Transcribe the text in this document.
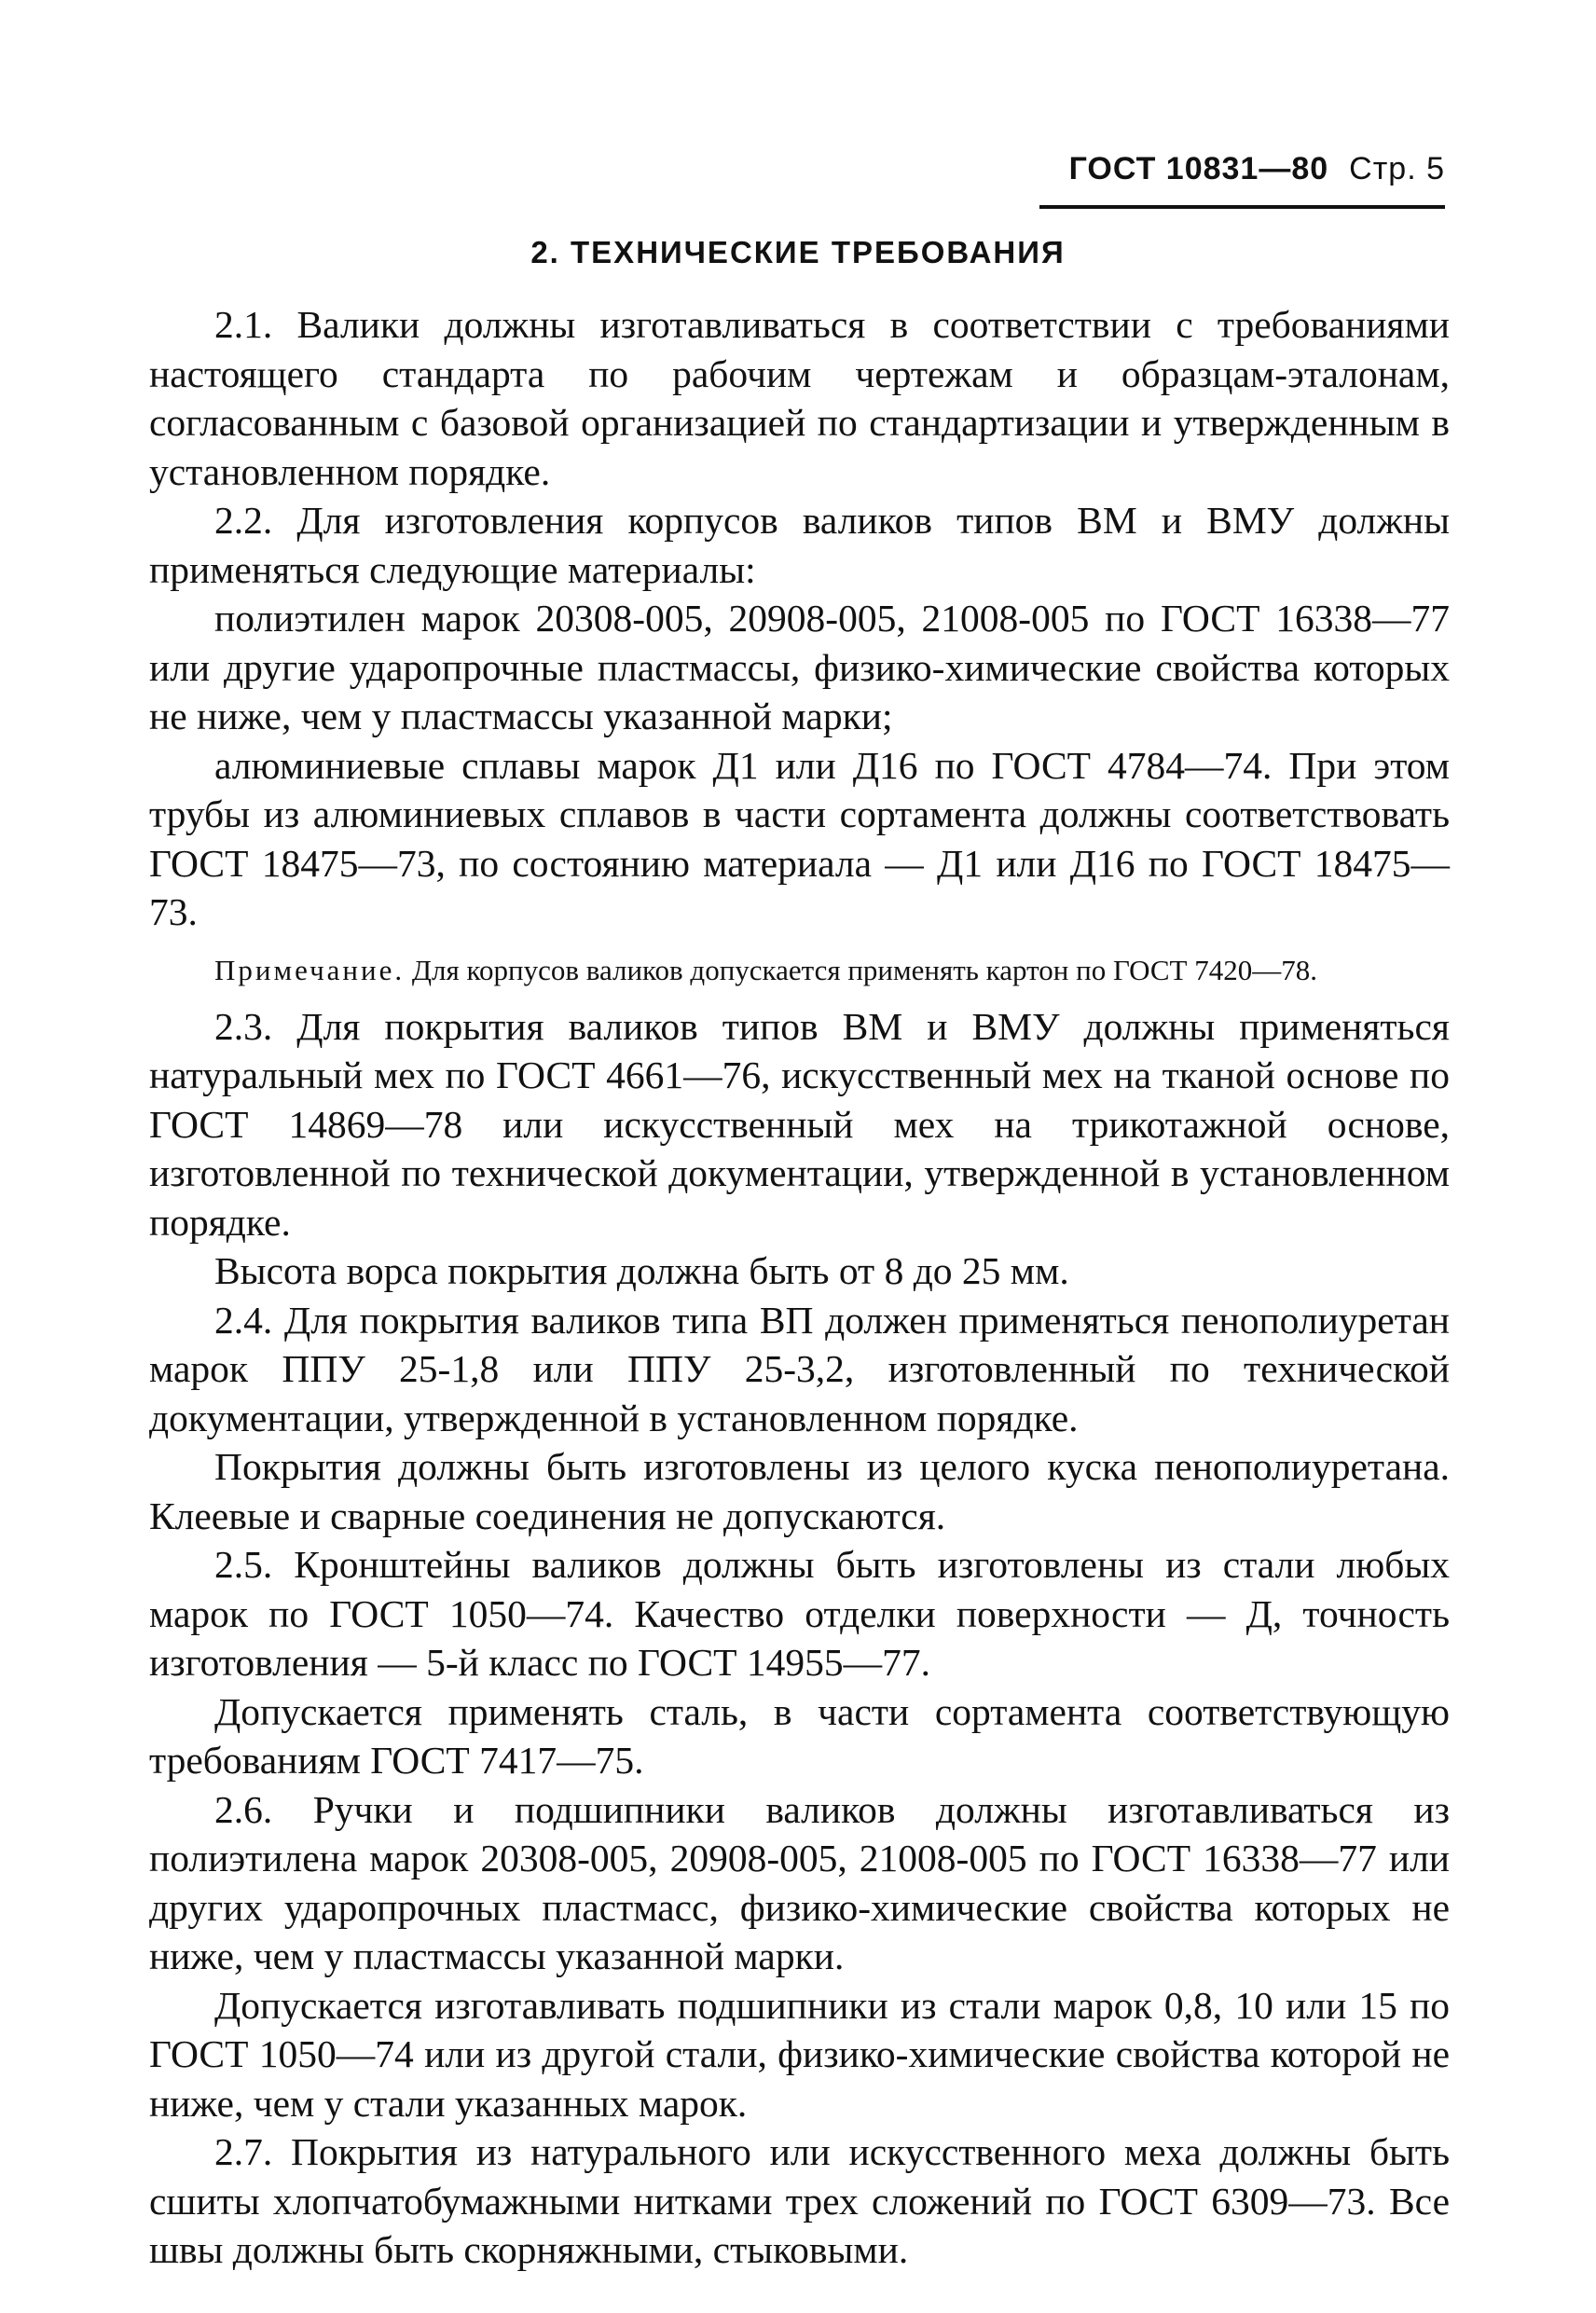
ГОСТ 10831—80 Стр. 5
2. ТЕХНИЧЕСКИЕ ТРЕБОВАНИЯ

2.1. Валики должны изготавливаться в соответствии с требованиями настоящего стандарта по рабочим чертежам и образцам-эталонам, согласованным с базовой организацией по стандартизации и утвержденным в установленном порядке.

2.2. Для изготовления корпусов валиков типов ВМ и ВМУ должны применяться следующие материалы:

полиэтилен марок 20308-005, 20908-005, 21008-005 по ГОСТ 16338—77 или другие ударопрочные пластмассы, физико-химические свойства которых не ниже, чем у пластмассы указанной марки;

алюминиевые сплавы марок Д1 или Д16 по ГОСТ 4784—74. При этом трубы из алюминиевых сплавов в части сортамента должны соответствовать ГОСТ 18475—73, по состоянию материала — Д1 или Д16 по ГОСТ 18475—73.

Примечание. Для корпусов валиков допускается применять картон по ГОСТ 7420—78.

2.3. Для покрытия валиков типов ВМ и ВМУ должны применяться натуральный мех по ГОСТ 4661—76, искусственный мех на тканой основе по ГОСТ 14869—78 или искусственный мех на трикотажной основе, изготовленной по технической документации, утвержденной в установленном порядке.

Высота ворса покрытия должна быть от 8 до 25 мм.

2.4. Для покрытия валиков типа ВП должен применяться пенополиуретан марок ППУ 25-1,8 или ППУ 25-3,2, изготовленный по технической документации, утвержденной в установленном порядке.

Покрытия должны быть изготовлены из целого куска пенополиуретана. Клеевые и сварные соединения не допускаются.

2.5. Кронштейны валиков должны быть изготовлены из стали любых марок по ГОСТ 1050—74. Качество отделки поверхности — Д, точность изготовления — 5-й класс по ГОСТ 14955—77.

Допускается применять сталь, в части сортамента соответствующую требованиям ГОСТ 7417—75.

2.6. Ручки и подшипники валиков должны изготавливаться из полиэтилена марок 20308-005, 20908-005, 21008-005 по ГОСТ 16338—77 или других ударопрочных пластмасс, физико-химические свойства которых не ниже, чем у пластмассы указанной марки.

Допускается изготавливать подшипники из стали марок 0,8, 10 или 15 по ГОСТ 1050—74 или из другой стали, физико-химические свойства которой не ниже, чем у стали указанных марок.

2.7. Покрытия из натурального или искусственного меха должны быть сшиты хлопчатобумажными нитками трех сложений по ГОСТ 6309—73. Все швы должны быть скорняжными, стыковыми.
